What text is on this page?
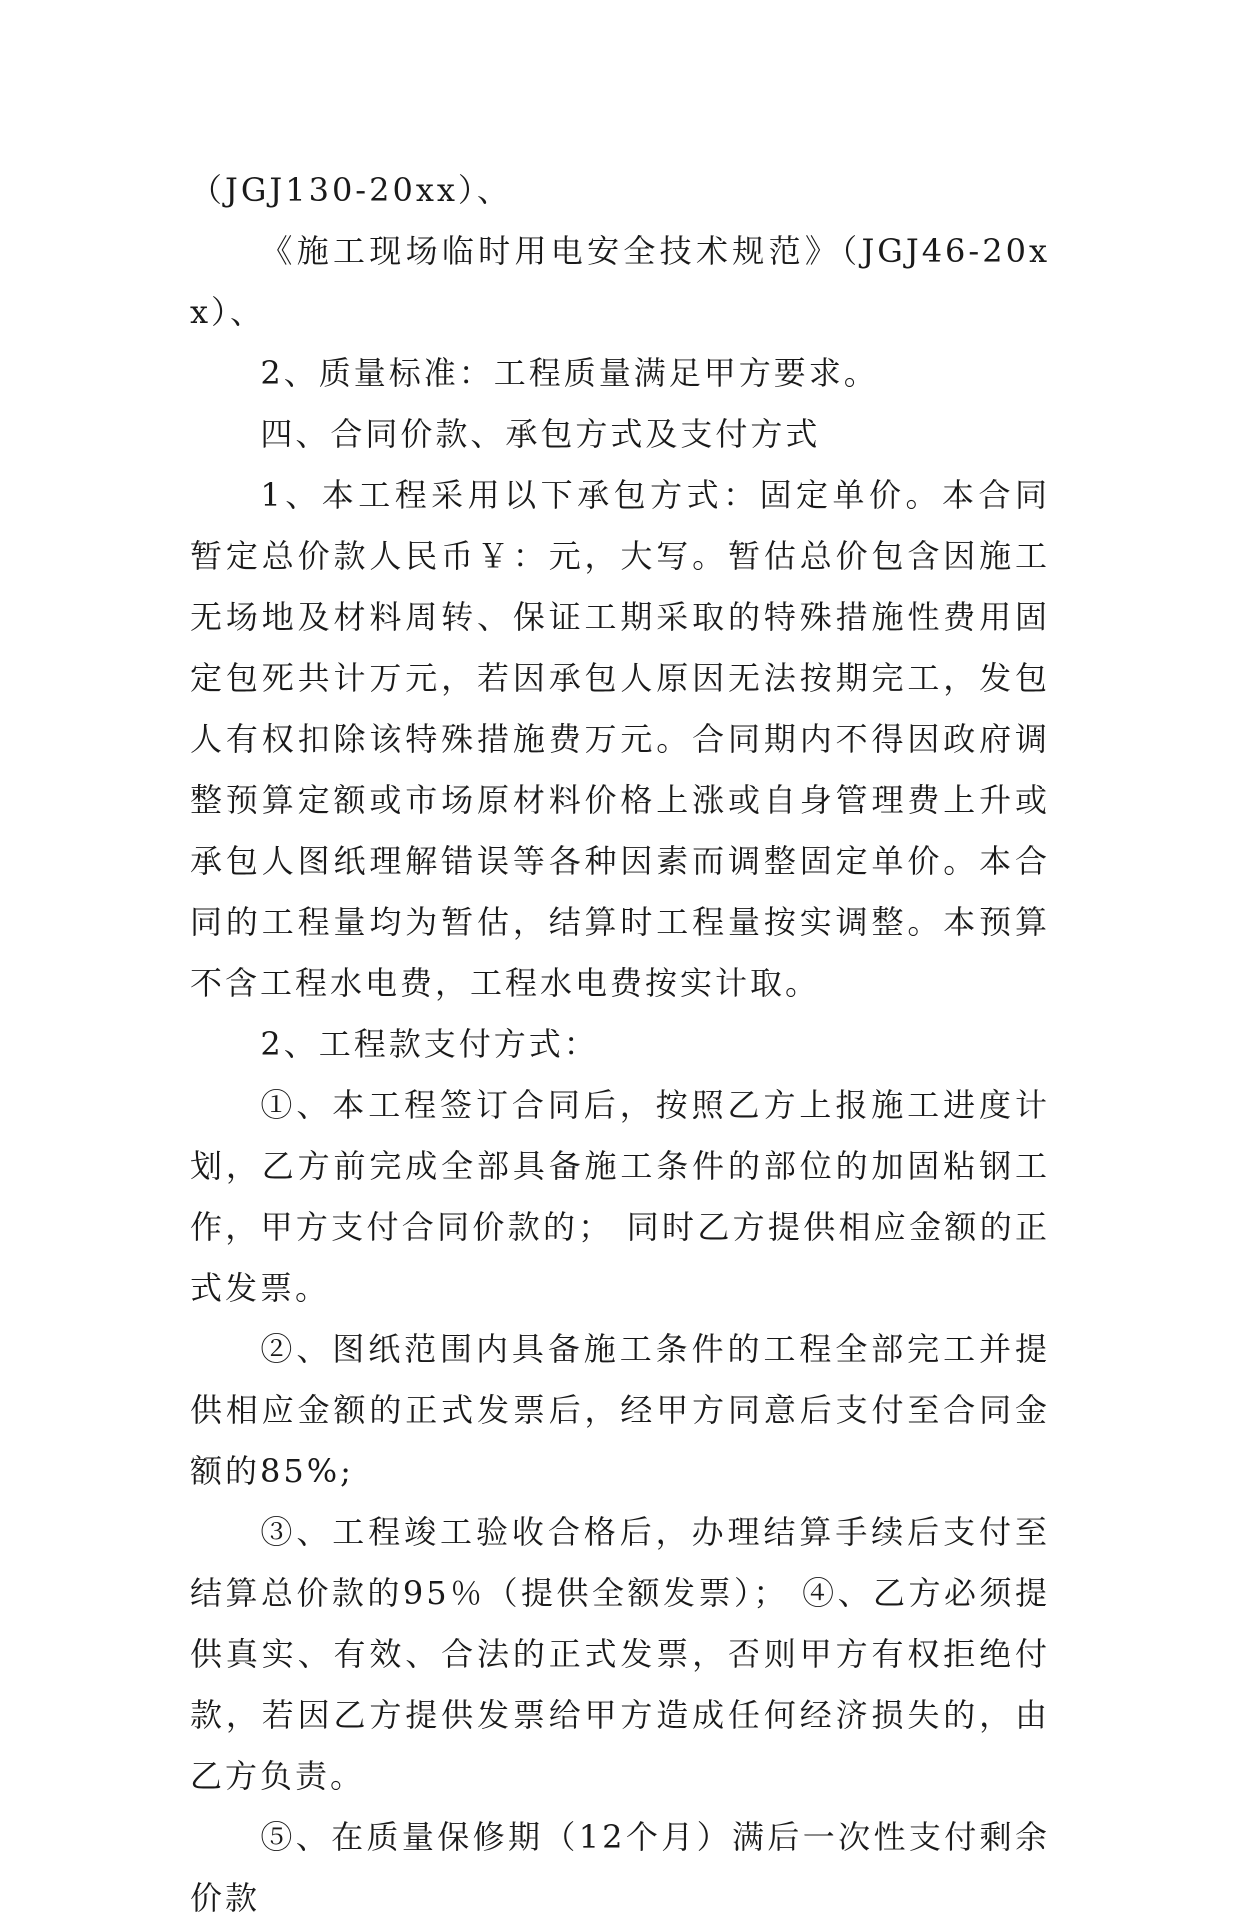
（JGJ130-20xx）、

《施工现场临时用电安全技术规范》（JGJ46-20xx）、

2、质量标准：工程质量满足甲方要求。

四、合同价款、承包方式及支付方式

1、本工程采用以下承包方式：固定单价。本合同暂定总价款人民币￥：元，大写。暂估总价包含因施工无场地及材料周转、保证工期采取的特殊措施性费用固定包死共计万元，若因承包人原因无法按期完工，发包人有权扣除该特殊措施费万元。合同期内不得因政府调整预算定额或市场原材料价格上涨或自身管理费上升或承包人图纸理解错误等各种因素而调整固定单价。本合同的工程量均为暂估，结算时工程量按实调整。本预算不含工程水电费，工程水电费按实计取。

2、工程款支付方式：

①、本工程签订合同后，按照乙方上报施工进度计划，乙方前完成全部具备施工条件的部位的加固粘钢工作，甲方支付合同价款的； 同时乙方提供相应金额的正式发票。

②、图纸范围内具备施工条件的工程全部完工并提供相应金额的正式发票后，经甲方同意后支付至合同金额的85%;

③、工程竣工验收合格后，办理结算手续后支付至结算总价款的95％（提供全额发票）； ④、乙方必须提供真实、有效、合法的正式发票，否则甲方有权拒绝付款，若因乙方提供发票给甲方造成任何经济损失的，由乙方负责。

⑤、在质量保修期（12个月）满后一次性支付剩余价款
